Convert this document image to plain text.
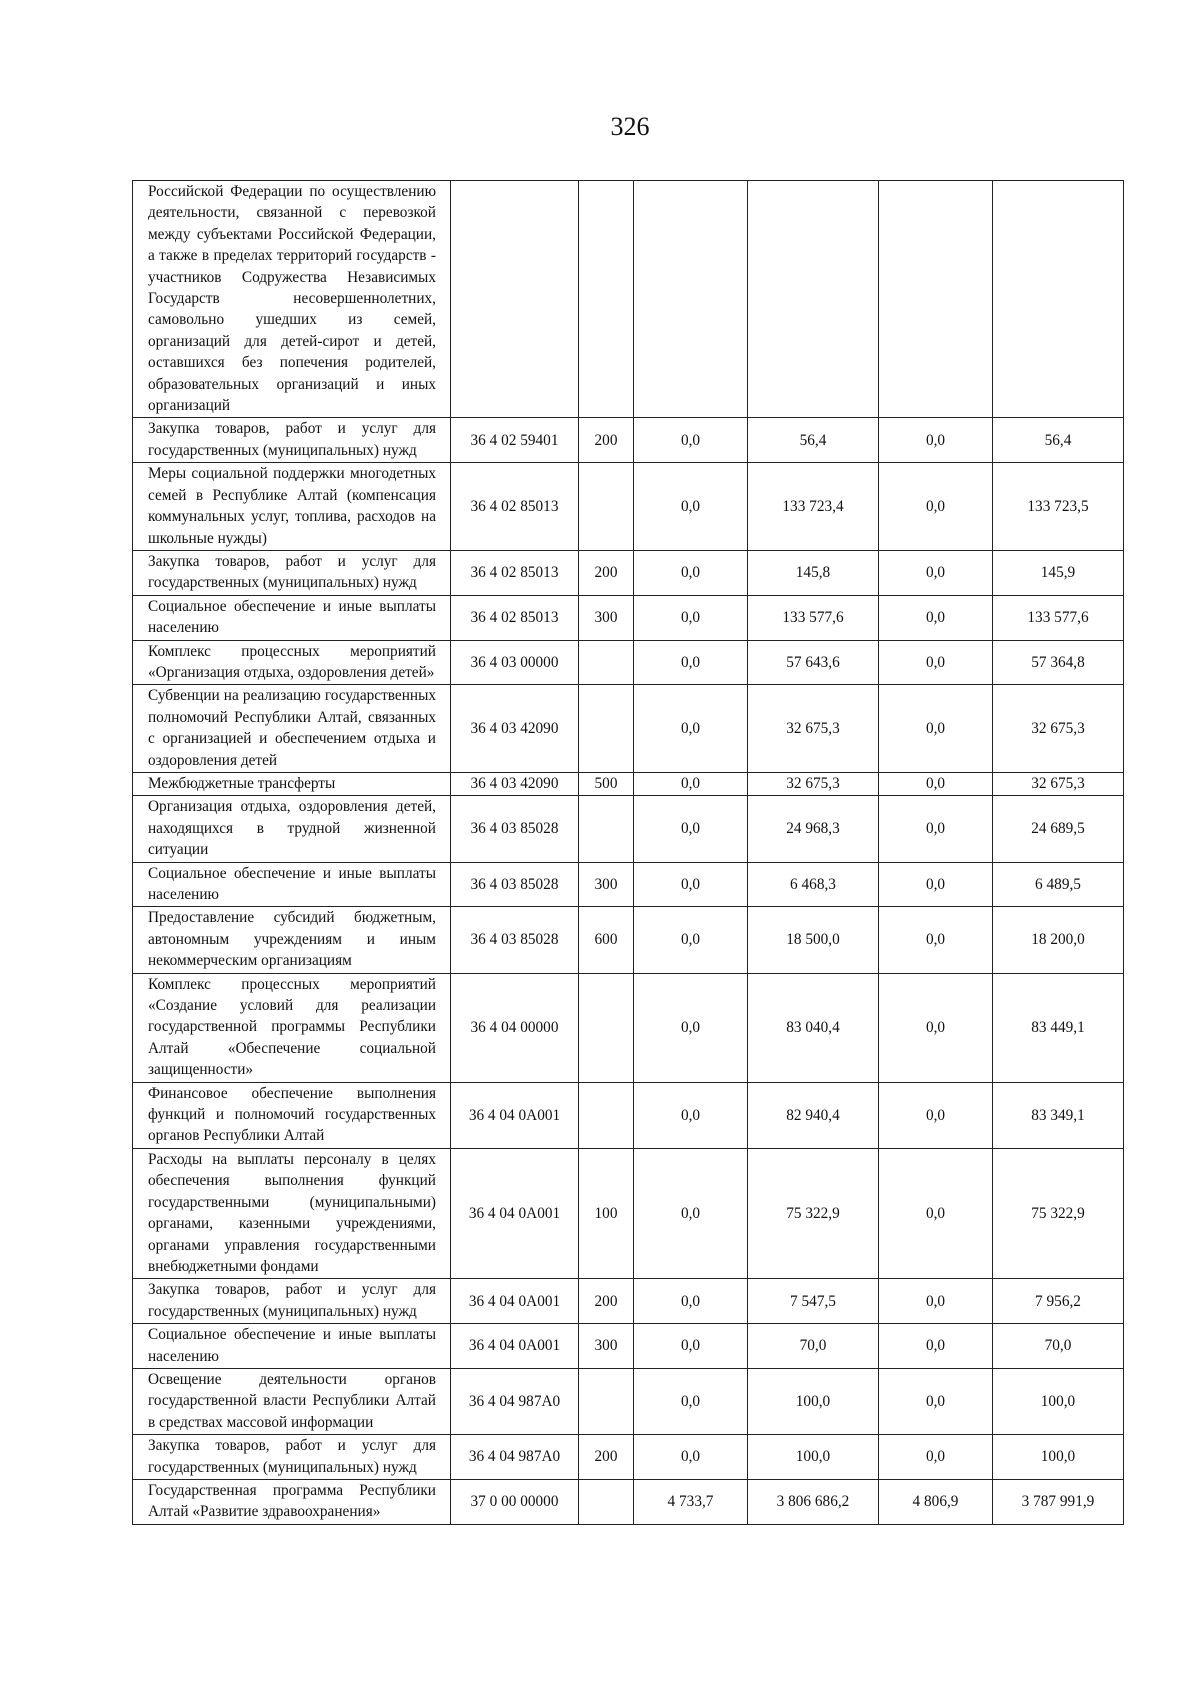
326
Российской Федерации по осуществлению деятельности, связанной с перевозкой между субъектами Российской Федерации, а также в пределах территорий государств - участников Содружества Независимых Государств несовершеннолетних, самовольно ушедших из семей, организаций для детей-сирот и детей, оставшихся без попечения родителей, образовательных организаций и иных организаций						
Закупка товаров, работ и услуг для государственных (муниципальных) нужд	36 4 02 59401	200	0,0	56,4	0,0	56,4
Меры социальной поддержки многодетных семей в Республике Алтай (компенсация коммунальных услуг, топлива, расходов на школьные нужды)	36 4 02 85013		0,0	133 723,4	0,0	133 723,5
Закупка товаров, работ и услуг для государственных (муниципальных) нужд	36 4 02 85013	200	0,0	145,8	0,0	145,9
Социальное обеспечение и иные выплаты населению	36 4 02 85013	300	0,0	133 577,6	0,0	133 577,6
Комплекс процессных мероприятий «Организация отдыха, оздоровления детей»	36 4 03 00000		0,0	57 643,6	0,0	57 364,8
Субвенции на реализацию государственных полномочий Республики Алтай, связанных с организацией и обеспечением отдыха и оздоровления детей	36 4 03 42090		0,0	32 675,3	0,0	32 675,3
Межбюджетные трансферты	36 4 03 42090	500	0,0	32 675,3	0,0	32 675,3
Организация отдыха, оздоровления детей, находящихся в трудной жизненной ситуации	36 4 03 85028		0,0	24 968,3	0,0	24 689,5
Социальное обеспечение и иные выплаты населению	36 4 03 85028	300	0,0	6 468,3	0,0	6 489,5
Предоставление субсидий бюджетным, автономным учреждениям и иным некоммерческим организациям	36 4 03 85028	600	0,0	18 500,0	0,0	18 200,0
Комплекс процессных мероприятий «Создание условий для реализации государственной программы Республики Алтай «Обеспечение социальной защищенности»	36 4 04 00000		0,0	83 040,4	0,0	83 449,1
Финансовое обеспечение выполнения функций и полномочий государственных органов Республики Алтай	36 4 04 0А001		0,0	82 940,4	0,0	83 349,1
Расходы на выплаты персоналу в целях обеспечения выполнения функций государственными (муниципальными) органами, казенными учреждениями, органами управления государственными внебюджетными фондами	36 4 04 0А001	100	0,0	75 322,9	0,0	75 322,9
Закупка товаров, работ и услуг для государственных (муниципальных) нужд	36 4 04 0А001	200	0,0	7 547,5	0,0	7 956,2
Социальное обеспечение и иные выплаты населению	36 4 04 0А001	300	0,0	70,0	0,0	70,0
Освещение деятельности органов государственной власти Республики Алтай в средствах массовой информации	36 4 04 987А0		0,0	100,0	0,0	100,0
Закупка товаров, работ и услуг для государственных (муниципальных) нужд	36 4 04 987А0	200	0,0	100,0	0,0	100,0
Государственная программа Республики Алтай «Развитие здравоохранения»	37 0 00 00000		4 733,7	3 806 686,2	4 806,9	3 787 991,9
